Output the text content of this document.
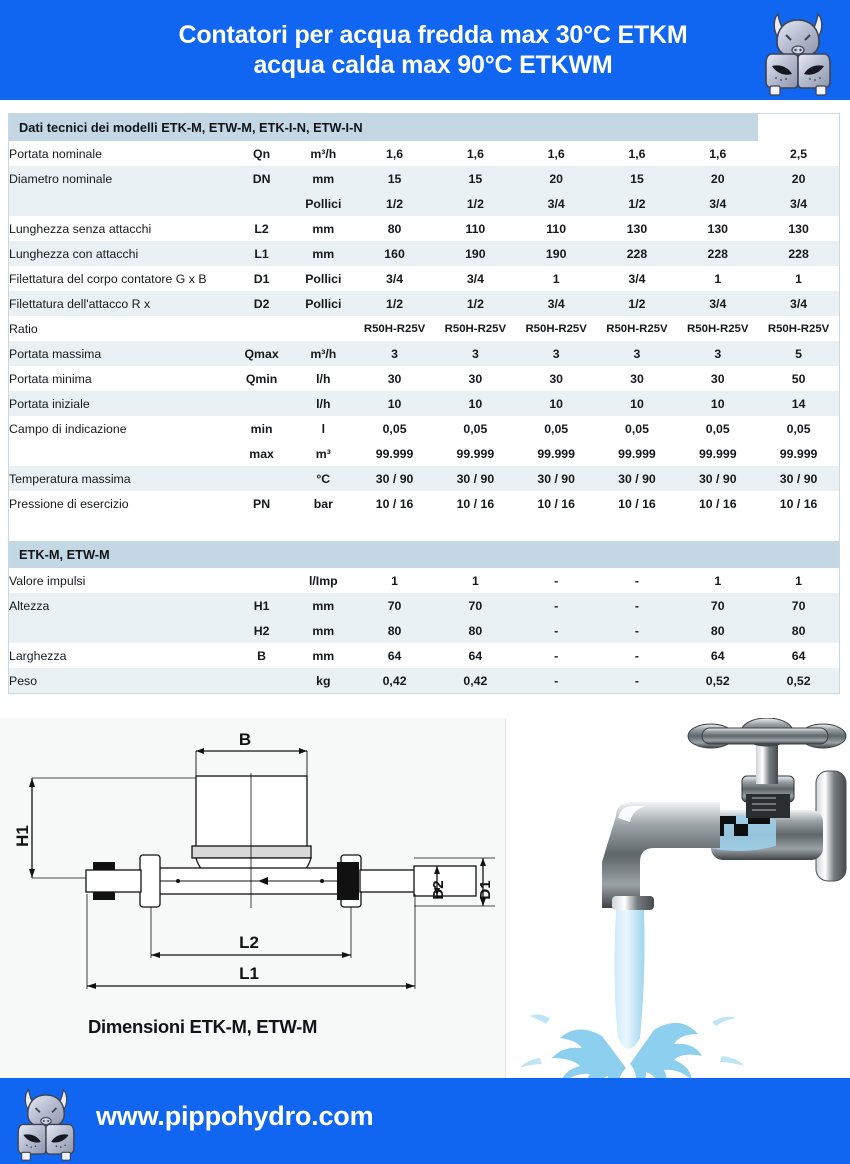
Contatori per acqua fredda max 30°C ETKM
acqua calda max 90°C ETKWM
Dati tecnici dei modelli ETK-M, ETW-M, ETK-I-N, ETW-I-N								
Portata nominale	Qn	m³/h	1,6	1,6	1,6	1,6	1,6	2,5
Diametro nominale	DN	mm	15	15	20	15	20	20
		Pollici	1/2	1/2	3/4	1/2	3/4	3/4
Lunghezza senza attacchi	L2	mm	80	110	110	130	130	130
Lunghezza con attacchi	L1	mm	160	190	190	228	228	228
Filettatura del corpo contatore G x B	D1	Pollici	3/4	3/4	1	3/4	1	1
Filettatura dell'attacco R x	D2	Pollici	1/2	1/2	3/4	1/2	3/4	3/4
Ratio			R50H-R25V	R50H-R25V	R50H-R25V	R50H-R25V	R50H-R25V	R50H-R25V
Portata massima	Qmax	m³/h	3	3	3	3	3	5
Portata minima	Qmin	l/h	30	30	30	30	30	50
Portata iniziale		l/h	10	10	10	10	10	14
Campo di indicazione	min	l	0,05	0,05	0,05	0,05	0,05	0,05
	max	m³	99.999	99.999	99.999	99.999	99.999	99.999
Temperatura massima		°C	30 / 90	30 / 90	30 / 90	30 / 90	30 / 90	30 / 90
Pressione di esercizio	PN	bar	10 / 16	10 / 16	10 / 16	10 / 16	10 / 16	10 / 16

ETK-M, ETW-M								
Valore impulsi		l/Imp	1	1	-	-	1	1
Altezza	H1	mm	70	70	-	-	70	70
	H2	mm	80	80	-	-	80	80
Larghezza	B	mm	64	64	-	-	64	64
Peso		kg	0,42	0,42	-	-	0,52	0,52
B
H1
D2 D1
L2
L1
Dimensioni ETK-M, ETW-M
www.pippohydro.com
